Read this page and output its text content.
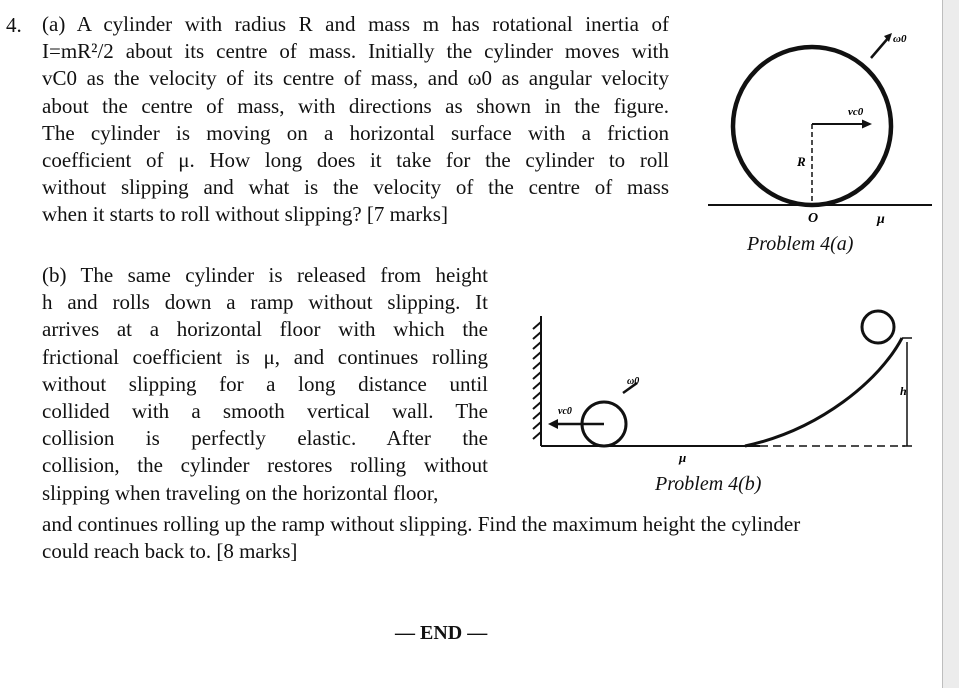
4. (a) A cylinder with radius R and mass m has rotational inertia of
I=mR²/2 about its centre of mass. Initially the cylinder moves with
vC0 as the velocity of its centre of mass, and ω0 as angular velocity
about the centre of mass, with directions as shown in the figure.
The cylinder is moving on a horizontal surface with a friction
coefficient of μ. How long does it take for the cylinder to roll
without slipping and what is the velocity of the centre of mass
when it starts to roll without slipping? [7 marks]
R
O	μ
vc0
ω0
vc0
ω0
μ
h
Problem 4(a)
(b) The same cylinder is released from height
h and rolls down a ramp without slipping. It
arrives at a horizontal floor with which the
frictional coefficient is μ, and continues rolling
without slipping for a long distance until
collided with a smooth vertical wall. The
collision is perfectly elastic. After the
collision, the cylinder restores rolling without
slipping when traveling on the horizontal floor,	Problem 4(b)
and continues rolling up the ramp without slipping. Find the maximum height the cylinder
could reach back to. [8 marks]
— END —
